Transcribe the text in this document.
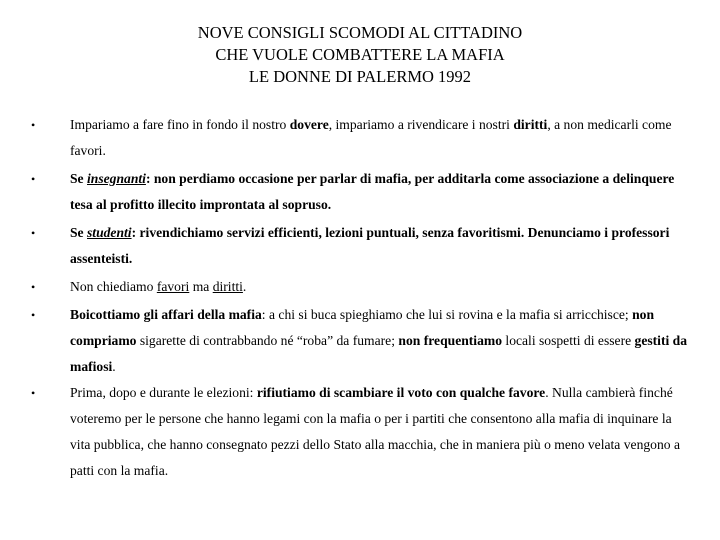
NOVE CONSIGLI SCOMODI AL CITTADINO
CHE VUOLE COMBATTERE LA MAFIA
LE DONNE DI PALERMO 1992
•	Impariamo a fare fino in fondo il nostro dovere, impariamo a rivendicare i nostri diritti, a non medicarli come favori.
•	Se insegnanti: non perdiamo occasione per parlar di mafia, per additarla come associazione a delinquere tesa al profitto illecito improntata al sopruso.
•	Se studenti: rivendichiamo servizi efficienti, lezioni puntuali, senza favoritismi. Denunciamo i professori assenteisti.
•	Non chiediamo favori ma diritti.
•	Boicottiamo gli affari della mafia: a chi si buca spieghiamo che lui si rovina e la mafia si arricchisce; non compriamo sigarette di contrabbando né “roba” da fumare; non frequentiamo locali sospetti di essere gestiti da mafiosi.
•	Prima, dopo e durante le elezioni: rifiutiamo di scambiare il voto con qualche favore. Nulla cambierà finché voteremo per le persone che hanno legami con la mafia o per i partiti che consentono alla mafia di inquinare la vita pubblica, che hanno consegnato pezzi dello Stato alla macchia, che in maniera più o meno velata vengono a patti con la mafia.
